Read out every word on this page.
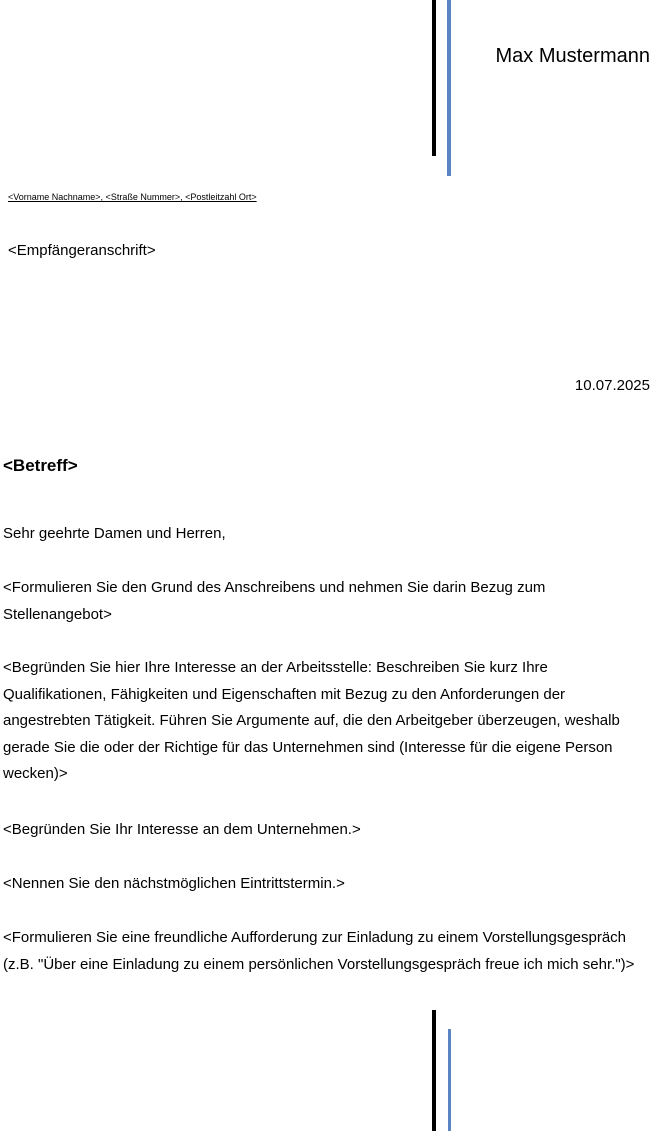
Max Mustermann
<Vorname Nachname>, <Straße Nummer>, <Postleitzahl Ort>
<Empfängeranschrift>
10.07.2025
<Betreff>

Sehr geehrte Damen und Herren,

<Formulieren Sie den Grund des Anschreibens und nehmen Sie darin Bezug zum Stellenangebot>

<Begründen Sie hier Ihre Interesse an der Arbeitsstelle: Beschreiben Sie kurz Ihre Qualifikationen, Fähigkeiten und Eigenschaften mit Bezug zu den Anforderungen der angestrebten Tätigkeit. Führen Sie Argumente auf, die den Arbeitgeber überzeugen, weshalb gerade Sie die oder der Richtige für das Unternehmen sind (Interesse für die eigene Person wecken)>

<Begründen Sie Ihr Interesse an dem Unternehmen.>

<Nennen Sie den nächstmöglichen Eintrittstermin.>

<Formulieren Sie eine freundliche Aufforderung zur Einladung zu einem Vorstellungsgespräch (z.B. "Über eine Einladung zu einem persönlichen Vorstellungsgespräch freue ich mich sehr.")>
